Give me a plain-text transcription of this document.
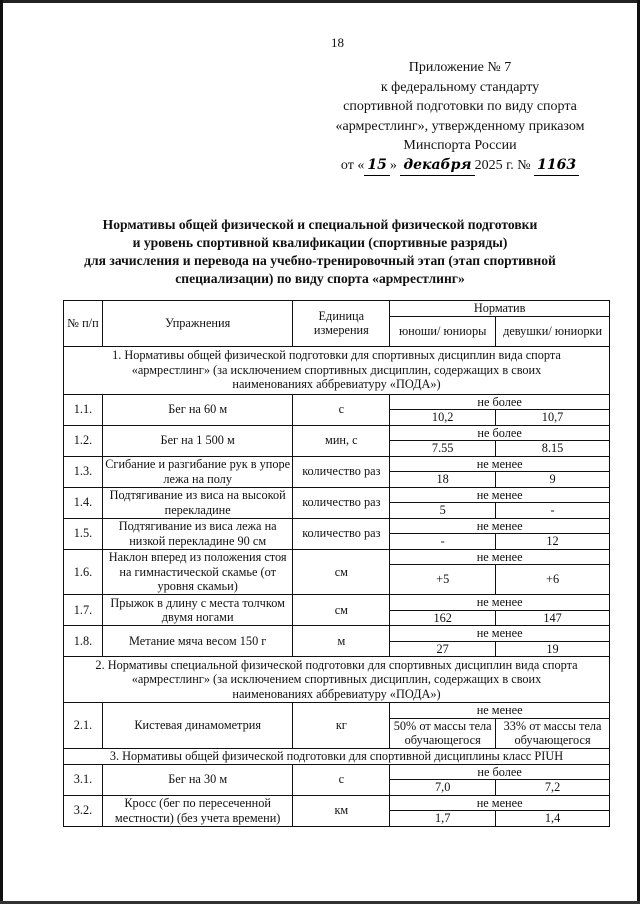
18
Приложение № 7
к федеральному стандарту
спортивной подготовки по виду спорта
«армрестлинг», утвержденному приказом
Минспорта России
от « 15 » декабря 2025 г. № 1163
Нормативы общей физической и специальной физической подготовки
и уровень спортивной квалификации (спортивные разряды)
для зачисления и перевода на учебно-тренировочный этап (этап спортивной
специализации) по виду спорта «армрестлинг»
№ п/п	Упражнения	Единица измерения	Норматив	
			юноши/ юниоры	девушки/ юниорки

1. Нормативы общей физической подготовки для спортивных дисциплин вида спорта
«армрестлинг» (за исключением спортивных дисциплин, содержащих в своих
наименованиях аббревиатуру «ПОДА»)				

1.1.	Бег на 60 м	с	не более	
			10,2	10,7
1.2.	Бег на 1 500 м	мин, с	не более	
			7.55	8.15
1.3.	Сгибание и разгибание рук в упоре лежа на полу	количество раз	не менее	
			18	9
1.4.	Подтягивание из виса на высокой перекладине	количество раз	не менее	
			5	-
1.5.	Подтягивание из виса лежа на низкой перекладине 90 см	количество раз	не менее	
			-	12
1.6.	Наклон вперед из положения стоя на гимнастической скамье (от уровня скамьи)	см	не менее	
			+5	+6
1.7.	Прыжок в длину с места толчком двумя ногами	см	не менее	
			162	147
1.8.	Метание мяча весом 150 г	м	не менее	
			27	19

2. Нормативы специальной физической подготовки для спортивных дисциплин вида спорта
«армрестлинг» (за исключением спортивных дисциплин, содержащих в своих
наименованиях аббревиатуру «ПОДА»)				

2.1.	Кистевая динамометрия	кг	не менее	
			50% от массы тела обучающегося	33% от массы тела обучающегося

3. Нормативы общей физической подготовки для спортивной дисциплины класс PIUH				

3.1.	Бег на 30 м	с	не более	
			7,0	7,2
3.2.	Кросс (бег по пересеченной местности) (без учета времени)	км	не менее	
			1,7	1,4
